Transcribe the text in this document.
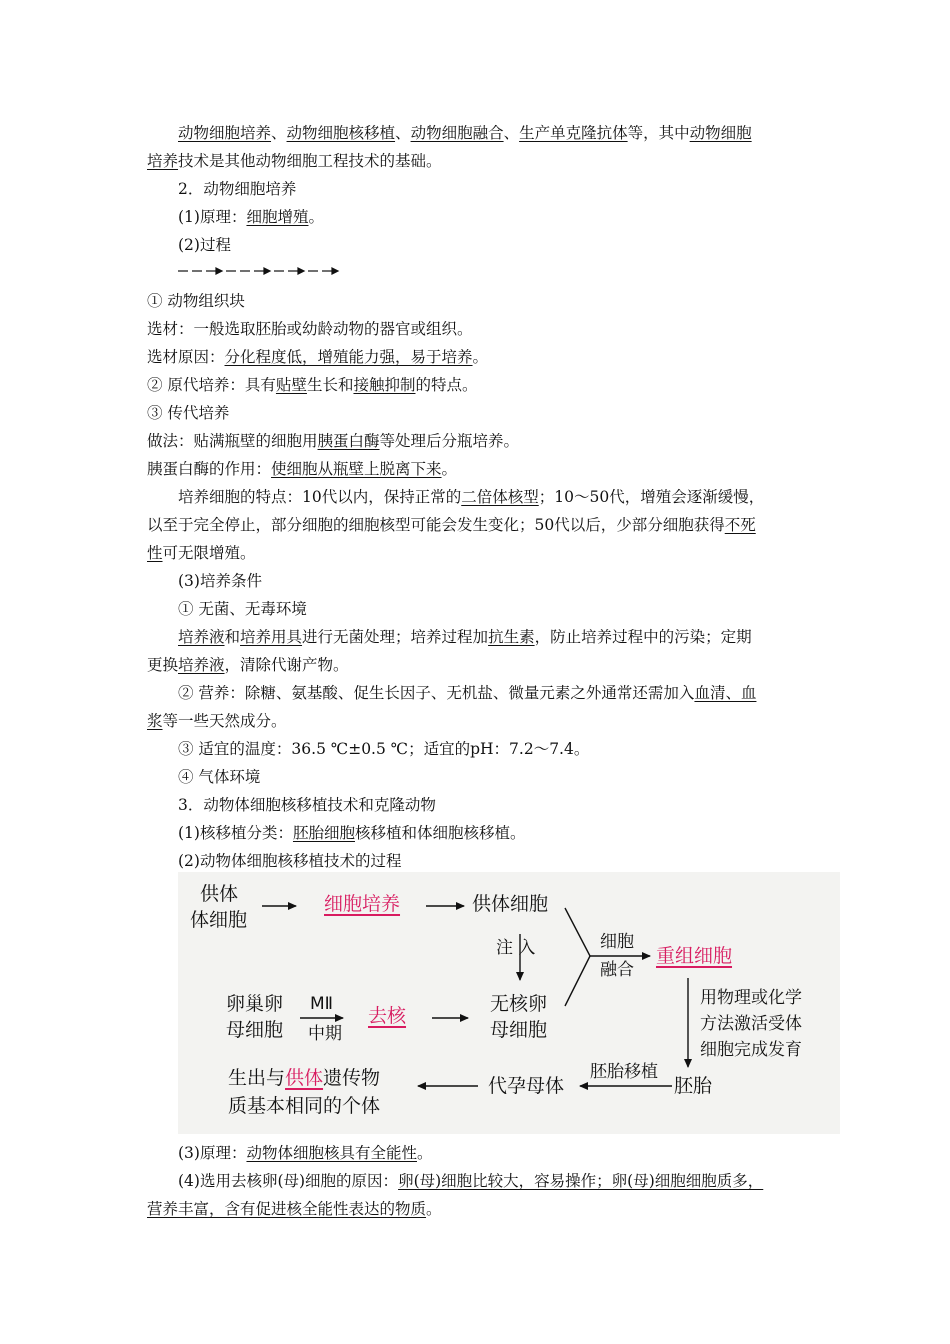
动物细胞培养、动物细胞核移植、动物细胞融合、生产单克隆抗体等，其中动物细胞
培养技术是其他动物细胞工程技术的基础。
2．动物细胞培养
(1)原理：细胞增殖。
(2)过程
① 动物组织块
选材：一般选取胚胎或幼龄动物的器官或组织。
选材原因：分化程度低，增殖能力强，易于培养。
② 原代培养：具有贴壁生长和接触抑制的特点。
③ 传代培养
做法：贴满瓶壁的细胞用胰蛋白酶等处理后分瓶培养。
胰蛋白酶的作用：使细胞从瓶壁上脱离下来。
培养细胞的特点：10代以内，保持正常的二倍体核型；10～50代，增殖会逐渐缓慢，
以至于完全停止，部分细胞的细胞核型可能会发生变化；50代以后，少部分细胞获得不死
性可无限增殖。
(3)培养条件
① 无菌、无毒环境
培养液和培养用具进行无菌处理；培养过程加抗生素，防止培养过程中的污染；定期
更换培养液，清除代谢产物。
② 营养：除糖、氨基酸、促生长因子、无机盐、微量元素之外通常还需加入血清、血
浆等一些天然成分。
③ 适宜的温度：36.5 ℃±0.5 ℃；适宜的pH：7.2～7.4。
④ 气体环境
3．动物体细胞核移植技术和克隆动物
(1)核移植分类：胚胎细胞核移植和体细胞核移植。
(2)动物体细胞核移植技术的过程
供体
体细胞
细胞培养	供体细胞
注 入	细胞
融合
重组细胞
卵巢卵
母细胞
MⅡ
中期
去核
无核卵
母细胞
用物理或化学
方法激活受体
细胞完成发育
胚胎
胚胎移植
代孕母体
生出与供体遗传物
质基本相同的个体
(3)原理：动物体细胞核具有全能性。
(4)选用去核卵(母)细胞的原因：卵(母)细胞比较大，容易操作；卵(母)细胞细胞质多，
营养丰富，含有促进核全能性表达的物质。
